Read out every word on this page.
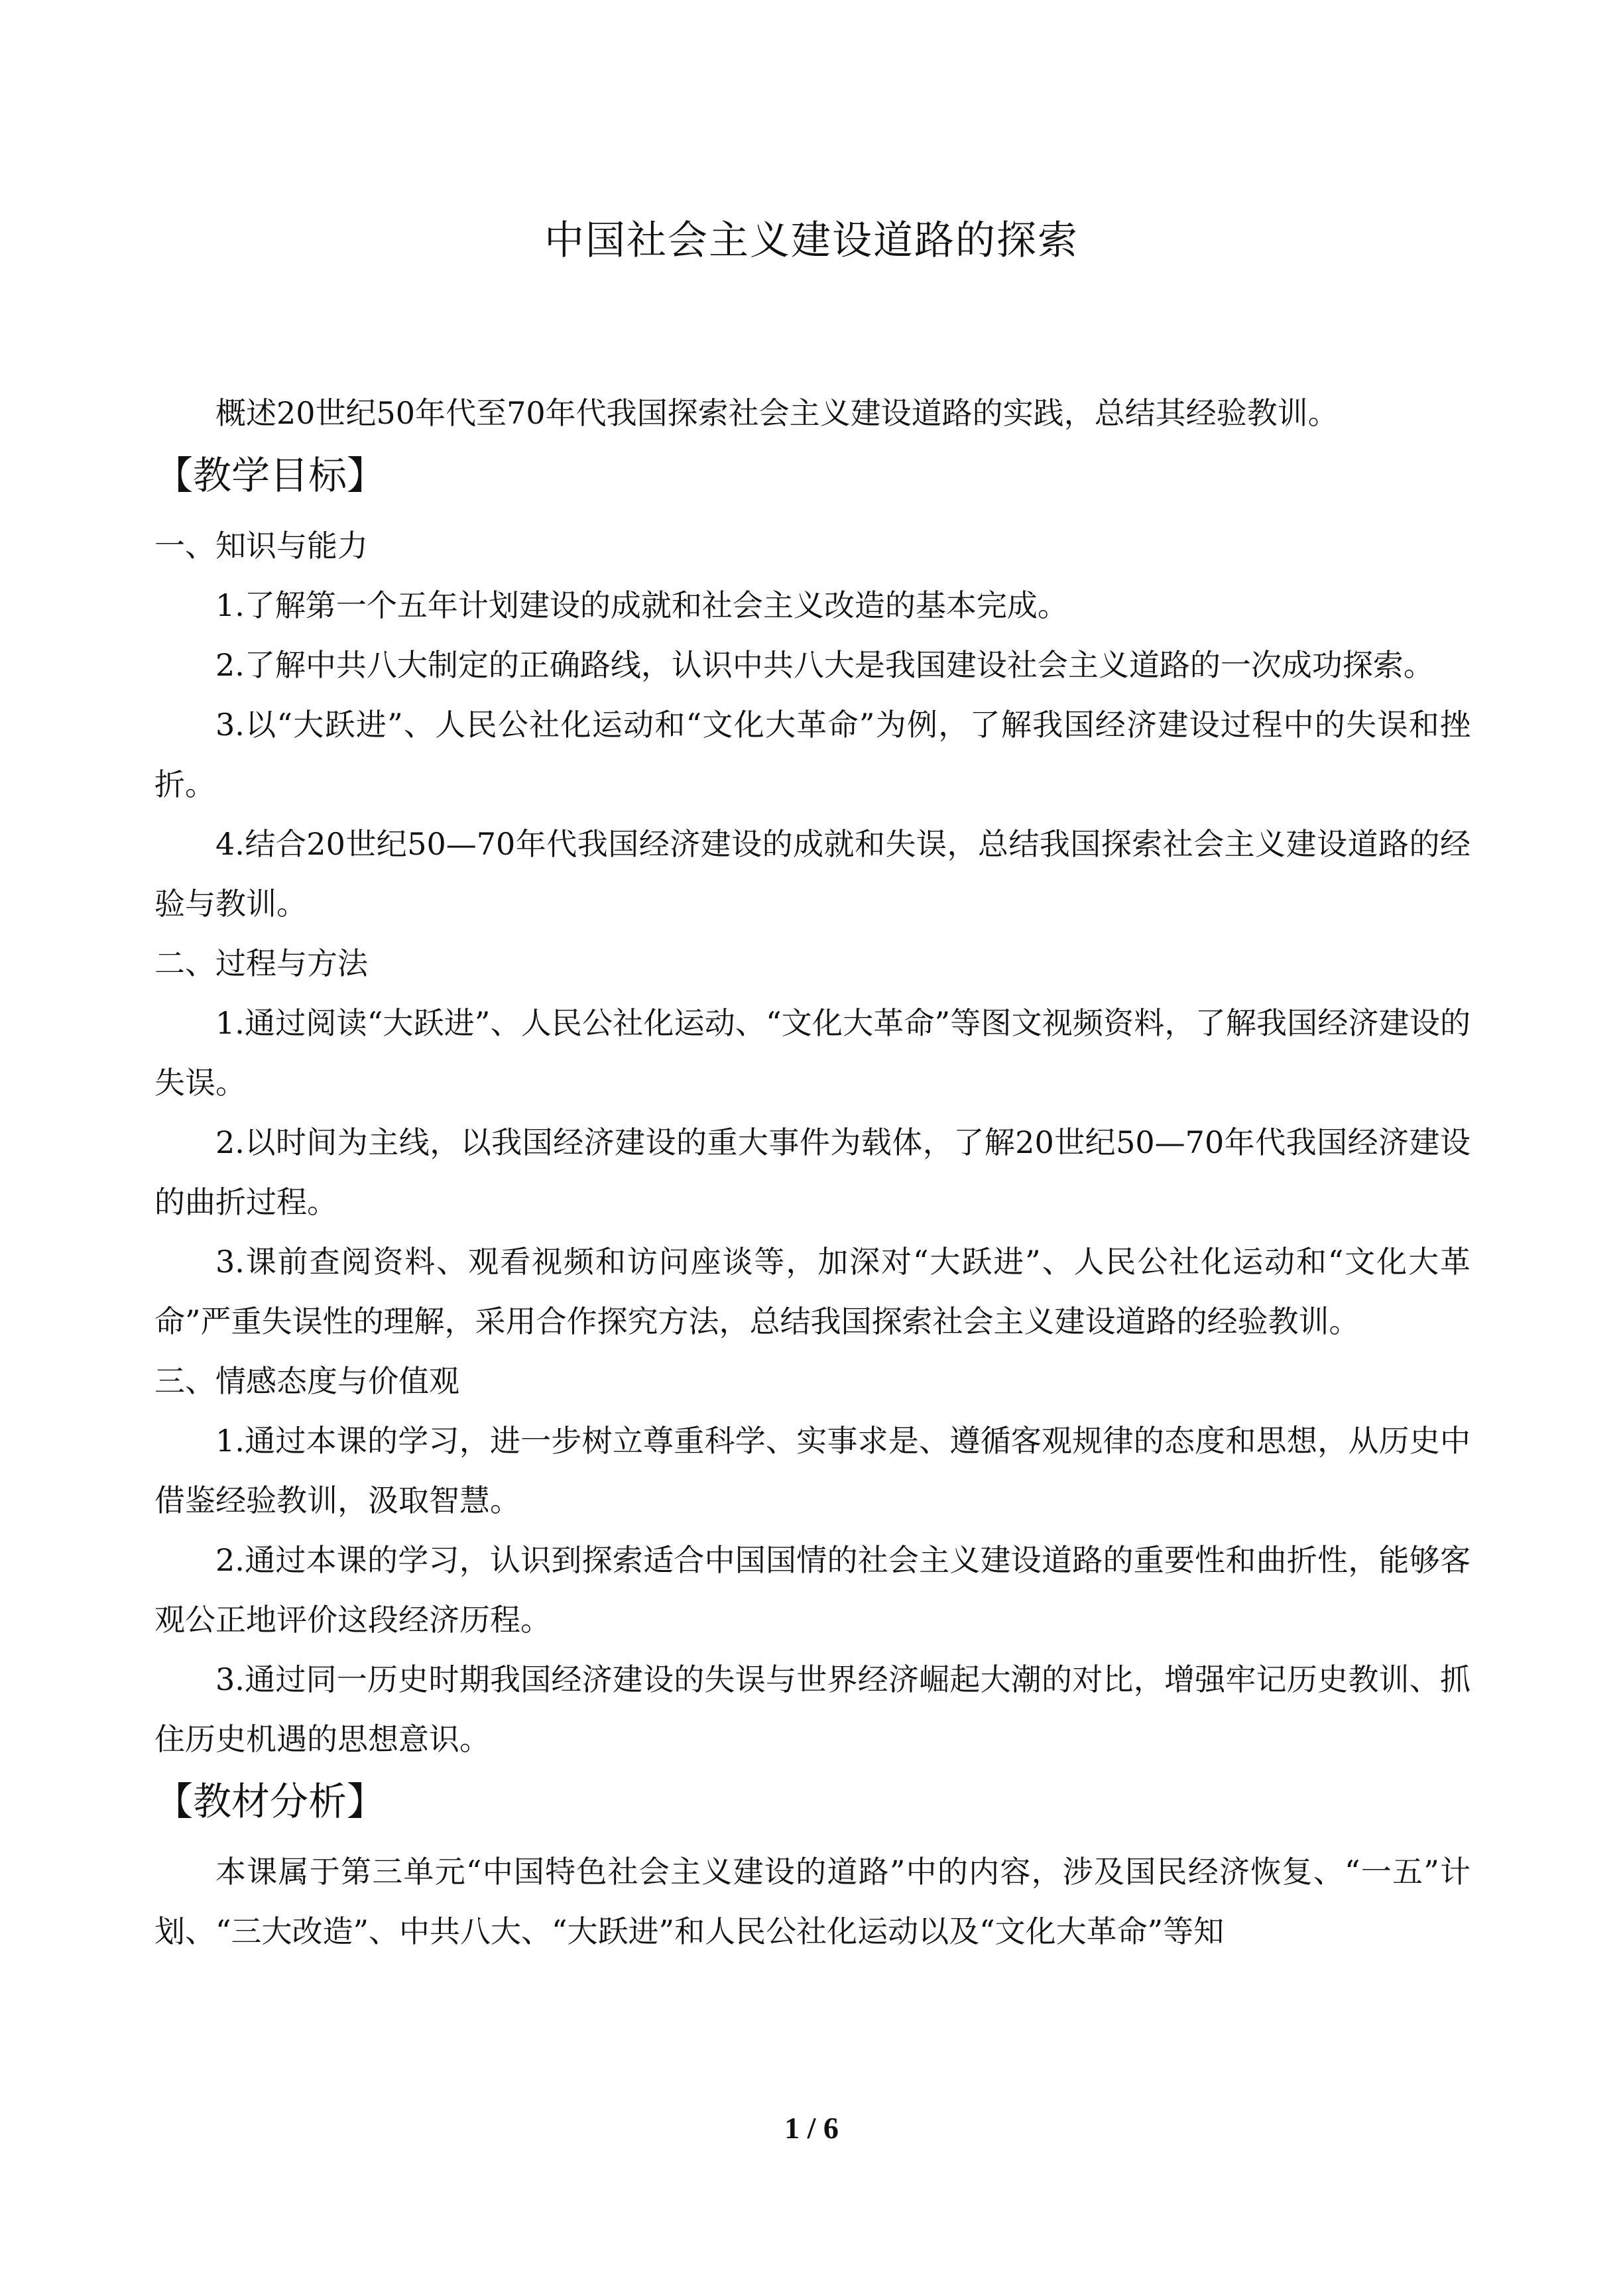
中国社会主义建设道路的探索

概述20世纪50年代至70年代我国探索社会主义建设道路的实践，总结其经验教训。

【教学目标】

一、知识与能力

1.了解第一个五年计划建设的成就和社会主义改造的基本完成。

2.了解中共八大制定的正确路线，认识中共八大是我国建设社会主义道路的一次成功探索。

3.以“大跃进”、人民公社化运动和“文化大革命”为例，了解我国经济建设过程中的失误和挫折。

4.结合20世纪50—70年代我国经济建设的成就和失误，总结我国探索社会主义建设道路的经验与教训。

二、过程与方法

1.通过阅读“大跃进”、人民公社化运动、“文化大革命”等图文视频资料，了解我国经济建设的失误。

2.以时间为主线，以我国经济建设的重大事件为载体，了解20世纪50—70年代我国经济建设的曲折过程。

3.课前查阅资料、观看视频和访问座谈等，加深对“大跃进”、人民公社化运动和“文化大革命”严重失误性的理解，采用合作探究方法，总结我国探索社会主义建设道路的经验教训。

三、情感态度与价值观

1.通过本课的学习，进一步树立尊重科学、实事求是、遵循客观规律的态度和思想，从历史中借鉴经验教训，汲取智慧。

2.通过本课的学习，认识到探索适合中国国情的社会主义建设道路的重要性和曲折性，能够客观公正地评价这段经济历程。

3.通过同一历史时期我国经济建设的失误与世界经济崛起大潮的对比，增强牢记历史教训、抓住历史机遇的思想意识。

【教材分析】

本课属于第三单元“中国特色社会主义建设的道路”中的内容，涉及国民经济恢复、“一五”计划、“三大改造”、中共八大、“大跃进”和人民公社化运动以及“文化大革命”等知

1 / 6
